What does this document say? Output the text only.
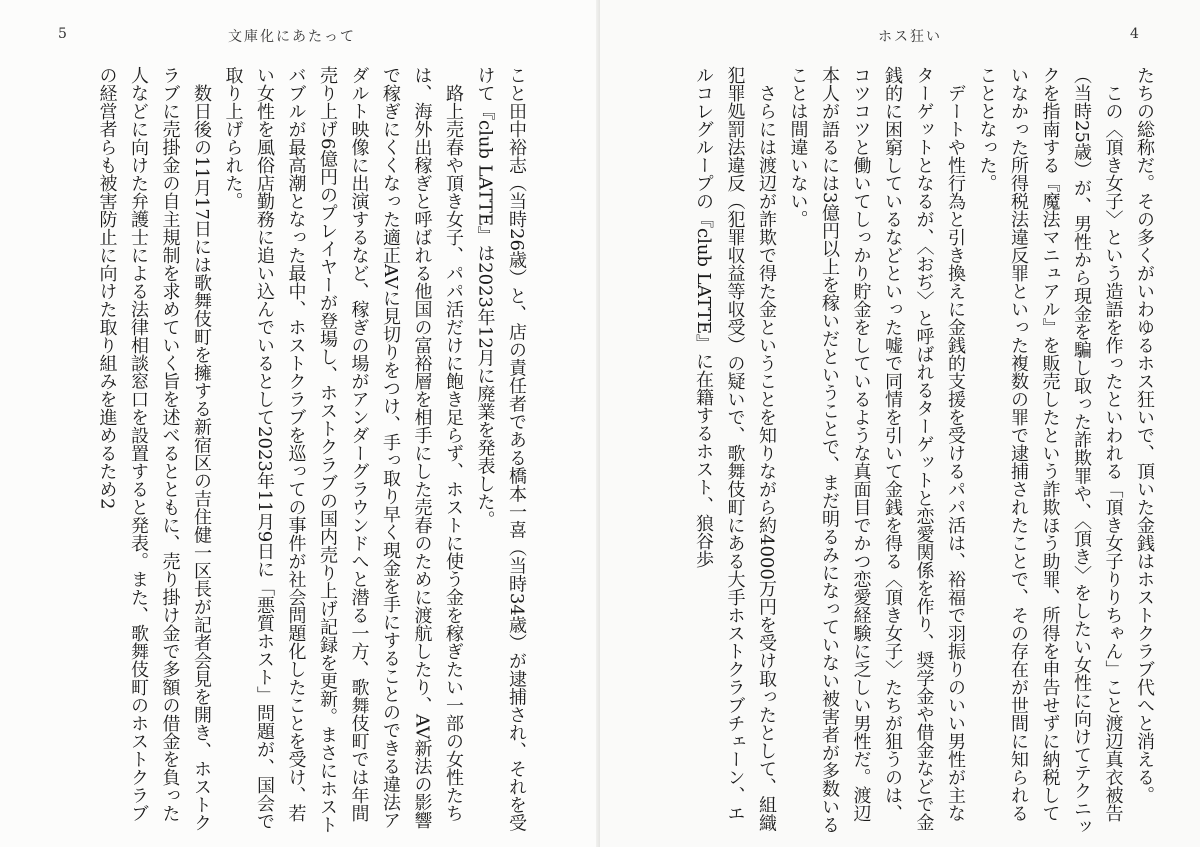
5	文庫化にあたって

こと田中裕志（当時26歳）と、店の責任者である橋本一喜（当時34歳）が逮捕され、それを受けて『club LATTE』は2023年12月に廃業を発表した。

路上売春や頂き女子、パパ活だけに飽き足らず、ホストに使う金を稼ぎたい一部の女性たちは、海外出稼ぎと呼ばれる他国の富裕層を相手にした売春のために渡航したり、AV新法の影響で稼ぎにくくなった適正AVに見切りをつけ、手っ取り早く現金を手にすることのできる違法アダルト映像に出演するなど、稼ぎの場がアンダーグラウンドへと潜る一方、歌舞伎町では年間売り上げ6億円のプレイヤーが登場し、ホストクラブの国内売り上げ記録を更新。まさにホストバブルが最高潮となった最中、ホストクラブを巡っての事件が社会問題化したことを受け、若い女性を風俗店勤務に追い込んでいるとして2023年11月9日に「悪質ホスト」問題が、国会で取り上げられた。

数日後の11月17日には歌舞伎町を擁する新宿区の吉住健一区長が記者会見を開き、ホストクラブに売掛金の自主規制を求めていく旨を述べるとともに、売り掛け金で多額の借金を負った人などに向けた弁護士による法律相談窓口を設置すると発表。また、歌舞伎町のホストクラブの経営者らも被害防止に向けた取り組みを進めるため2

ホス狂い	4

たちの総称だ。その多くがいわゆるホス狂いで、頂いた金銭はホストクラブ代へと消える。

この〈頂き女子〉という造語を作ったといわれる「頂き女子りりちゃん」こと渡辺真衣被告（当時25歳）が、男性から現金を騙し取った詐欺罪や、〈頂き〉をしたい女性に向けてテクニックを指南する『魔法マニュアル』を販売したという詐欺ほう助罪、所得を申告せずに納税していなかった所得税法違反罪といった複数の罪で逮捕されたことで、その存在が世間に知られることとなった。

デートや性行為と引き換えに金銭的支援を受けるパパ活は、裕福で羽振りのいい男性が主なターゲットとなるが、〈おぢ〉と呼ばれるターゲットと恋愛関係を作り、奨学金や借金などで金銭的に困窮しているなどといった嘘で同情を引いて金銭を得る〈頂き女子〉たちが狙うのは、コツコツと働いてしっかり貯金をしているような真面目でかつ恋愛経験に乏しい男性だ。渡辺本人が語るには3億円以上を稼いだということで、まだ明るみになっていない被害者が多数いることは間違いない。

さらには渡辺が詐欺で得た金ということを知りながら約4000万円を受け取ったとして、組織犯罪処罰法違反（犯罪収益等収受）の疑いで、歌舞伎町にある大手ホストクラブチェーン、エルコレグループの『club LATTE』に在籍するホスト、狼谷歩
